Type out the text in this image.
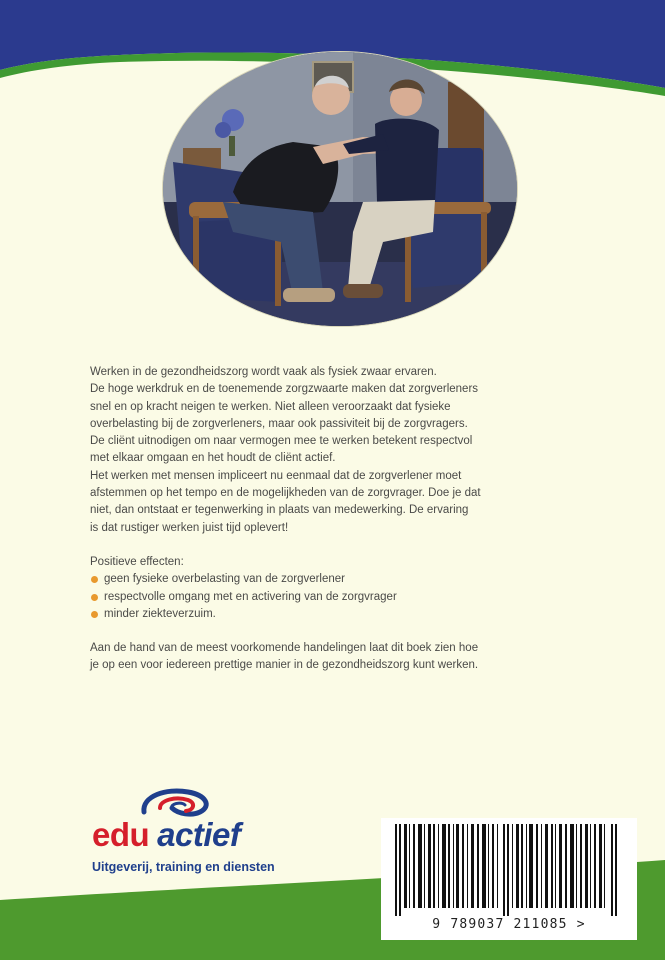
Werken in de gezondheidszorg wordt vaak als fysiek zwaar ervaren.

De hoge werkdruk en de toenemende zorgzwaarte maken dat zorgverleners

snel en op kracht neigen te werken. Niet alleen veroorzaakt dat fysieke

overbelasting bij de zorgverleners, maar ook passiviteit bij de zorgvragers.

De cliënt uitnodigen om naar vermogen mee te werken betekent respectvol

met elkaar omgaan en het houdt de cliënt actief.

Het werken met mensen impliceert nu eenmaal dat de zorgverlener moet

afstemmen op het tempo en de mogelijkheden van de zorgvrager. Doe je dat

niet, dan ontstaat er tegenwerking in plaats van medewerking. De ervaring

is dat rustiger werken juist tijd oplevert!

Positieve effecten:

geen fysieke overbelasting van de zorgverlener
respectvolle omgang met en activering van de zorgvrager
minder ziekteverzuim.

Aan de hand van de meest voorkomende handelingen laat dit boek zien hoe

je op een voor iedereen prettige manier in de gezondheidszorg kunt werken.

edu actief
Uitgeverij, training en diensten
9 789037 211085 >
